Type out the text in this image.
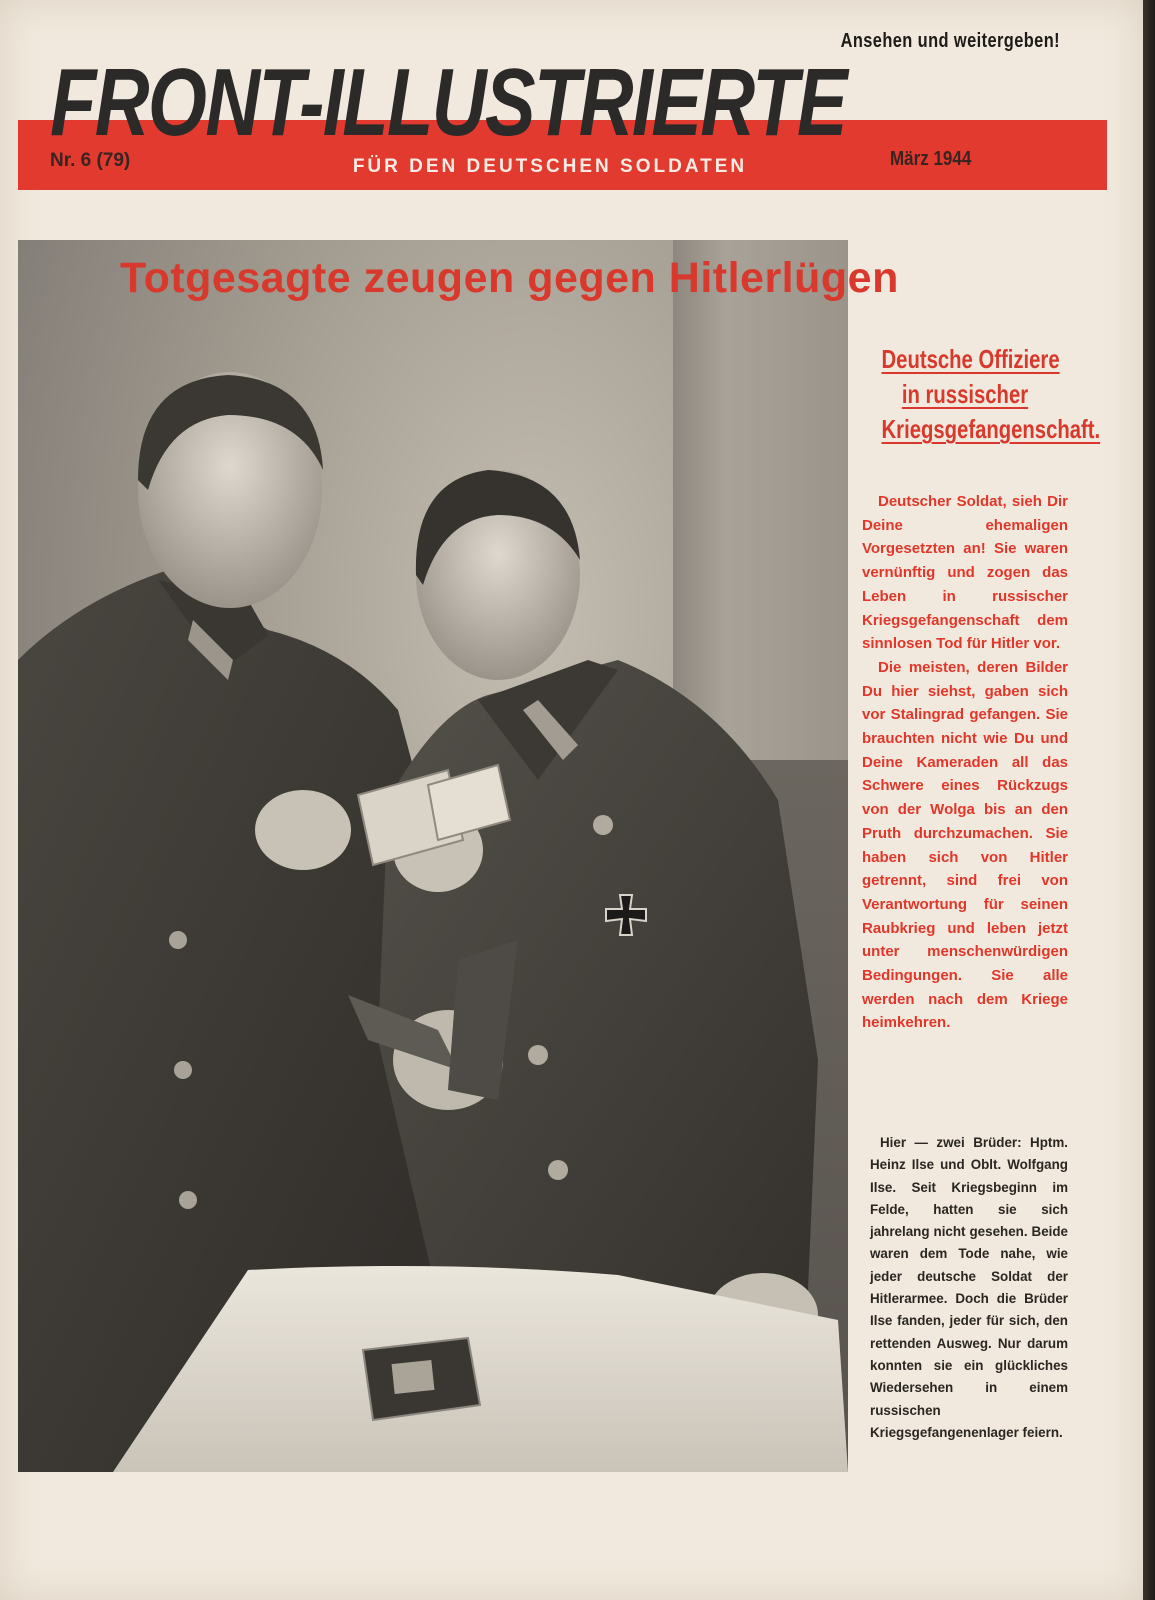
Ansehen und weitergeben!
FRONT-ILLUSTRIERTE
Nr. 6 (79)	FÜR DEN DEUTSCHEN SOLDATEN	März 1944
Totgesagte zeugen gegen Hitlerlügen
Deutsche Offiziere
in russischer
Kriegsgefangenschaft.

Deutscher Soldat, sieh Dir Deine ehemaligen Vorgesetzten an! Sie waren vernünftig und zogen das Leben in russischer Kriegsgefangenschaft dem sinnlosen Tod für Hitler vor.

Die meisten, deren Bilder Du hier siehst, gaben sich vor Stalingrad gefangen. Sie brauchten nicht wie Du und Deine Kameraden all das Schwere eines Rückzugs von der Wolga bis an den Pruth durchzumachen. Sie haben sich von Hitler getrennt, sind frei von Verantwortung für seinen Raubkrieg und leben jetzt unter menschenwürdigen Bedingungen. Sie alle werden nach dem Kriege heimkehren.

Hier — zwei Brüder: Hptm. Heinz Ilse und Oblt. Wolfgang Ilse. Seit Kriegsbeginn im Felde, hatten sie sich jahrelang nicht gesehen. Beide waren dem Tode nahe, wie jeder deutsche Soldat der Hitlerarmee. Doch die Brüder Ilse fanden, jeder für sich, den rettenden Ausweg. Nur darum konnten sie ein glückliches Wiedersehen in einem russischen Kriegsgefangenenlager feiern.
